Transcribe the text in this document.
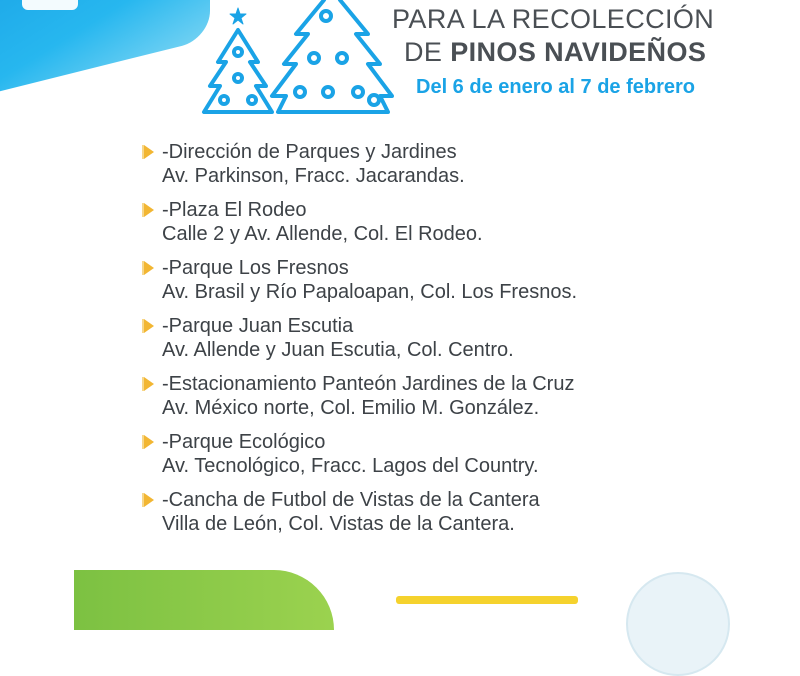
PARA LA RECOLECCIÓN
DE PINOS NAVIDEÑOS
Del 6 de enero al 7 de febrero
-Dirección de Parques y Jardines
Av. Parkinson, Fracc. Jacarandas.
-Plaza El Rodeo
Calle 2 y Av. Allende, Col. El Rodeo.
-Parque Los Fresnos
Av. Brasil y Río Papaloapan, Col. Los Fresnos.
-Parque Juan Escutia
Av. Allende y Juan Escutia, Col. Centro.
-Estacionamiento Panteón Jardines de la Cruz
Av. México norte, Col. Emilio M. González.
-Parque Ecológico
Av. Tecnológico, Fracc. Lagos del Country.
-Cancha de Futbol de Vistas de la Cantera
Villa de León, Col. Vistas de la Cantera.
